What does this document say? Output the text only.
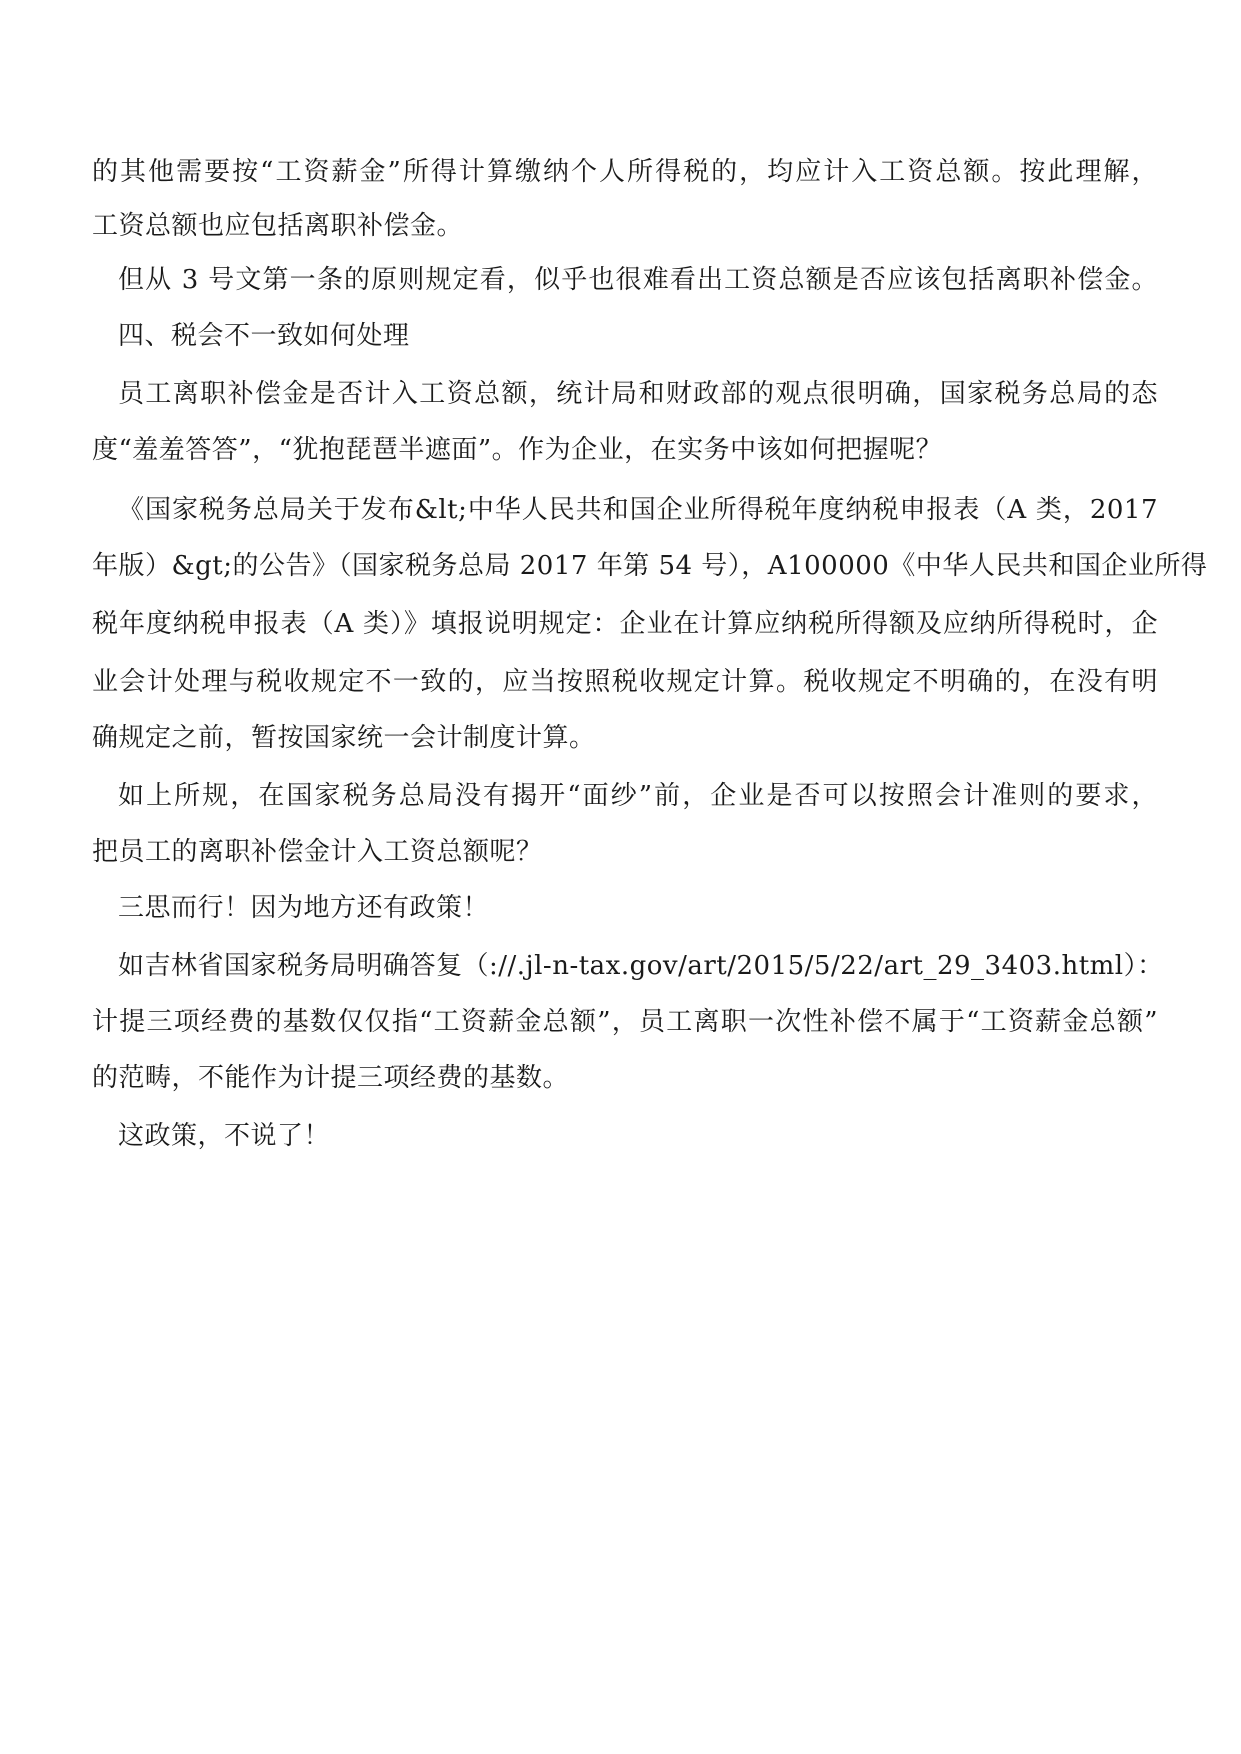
的其他需要按“工资薪金”所得计算缴纳个人所得税的，均应计入工资总额。按此理解，
工资总额也应包括离职补偿金。
但从 3 号文第一条的原则规定看，似乎也很难看出工资总额是否应该包括离职补偿金。
四、税会不一致如何处理
员工离职补偿金是否计入工资总额，统计局和财政部的观点很明确，国家税务总局的态
度“羞羞答答”，“犹抱琵琶半遮面”。作为企业，在实务中该如何把握呢？
《国家税务总局关于发布&lt;中华人民共和国企业所得税年度纳税申报表（A 类，2017
年版）&gt;的公告》（国家税务总局 2017 年第 54 号），A100000《中华人民共和国企业所得
税年度纳税申报表（A 类）》填报说明规定：企业在计算应纳税所得额及应纳所得税时，企
业会计处理与税收规定不一致的，应当按照税收规定计算。税收规定不明确的，在没有明
确规定之前，暂按国家统一会计制度计算。
如上所规，在国家税务总局没有揭开“面纱”前，企业是否可以按照会计准则的要求，
把员工的离职补偿金计入工资总额呢？
三思而行！因为地方还有政策！
如吉林省国家税务局明确答复（://.jl-n-tax.gov/art/2015/5/22/art_29_3403.html）：
计提三项经费的基数仅仅指“工资薪金总额”，员工离职一次性补偿不属于“工资薪金总额”
的范畴，不能作为计提三项经费的基数。
这政策，不说了！
